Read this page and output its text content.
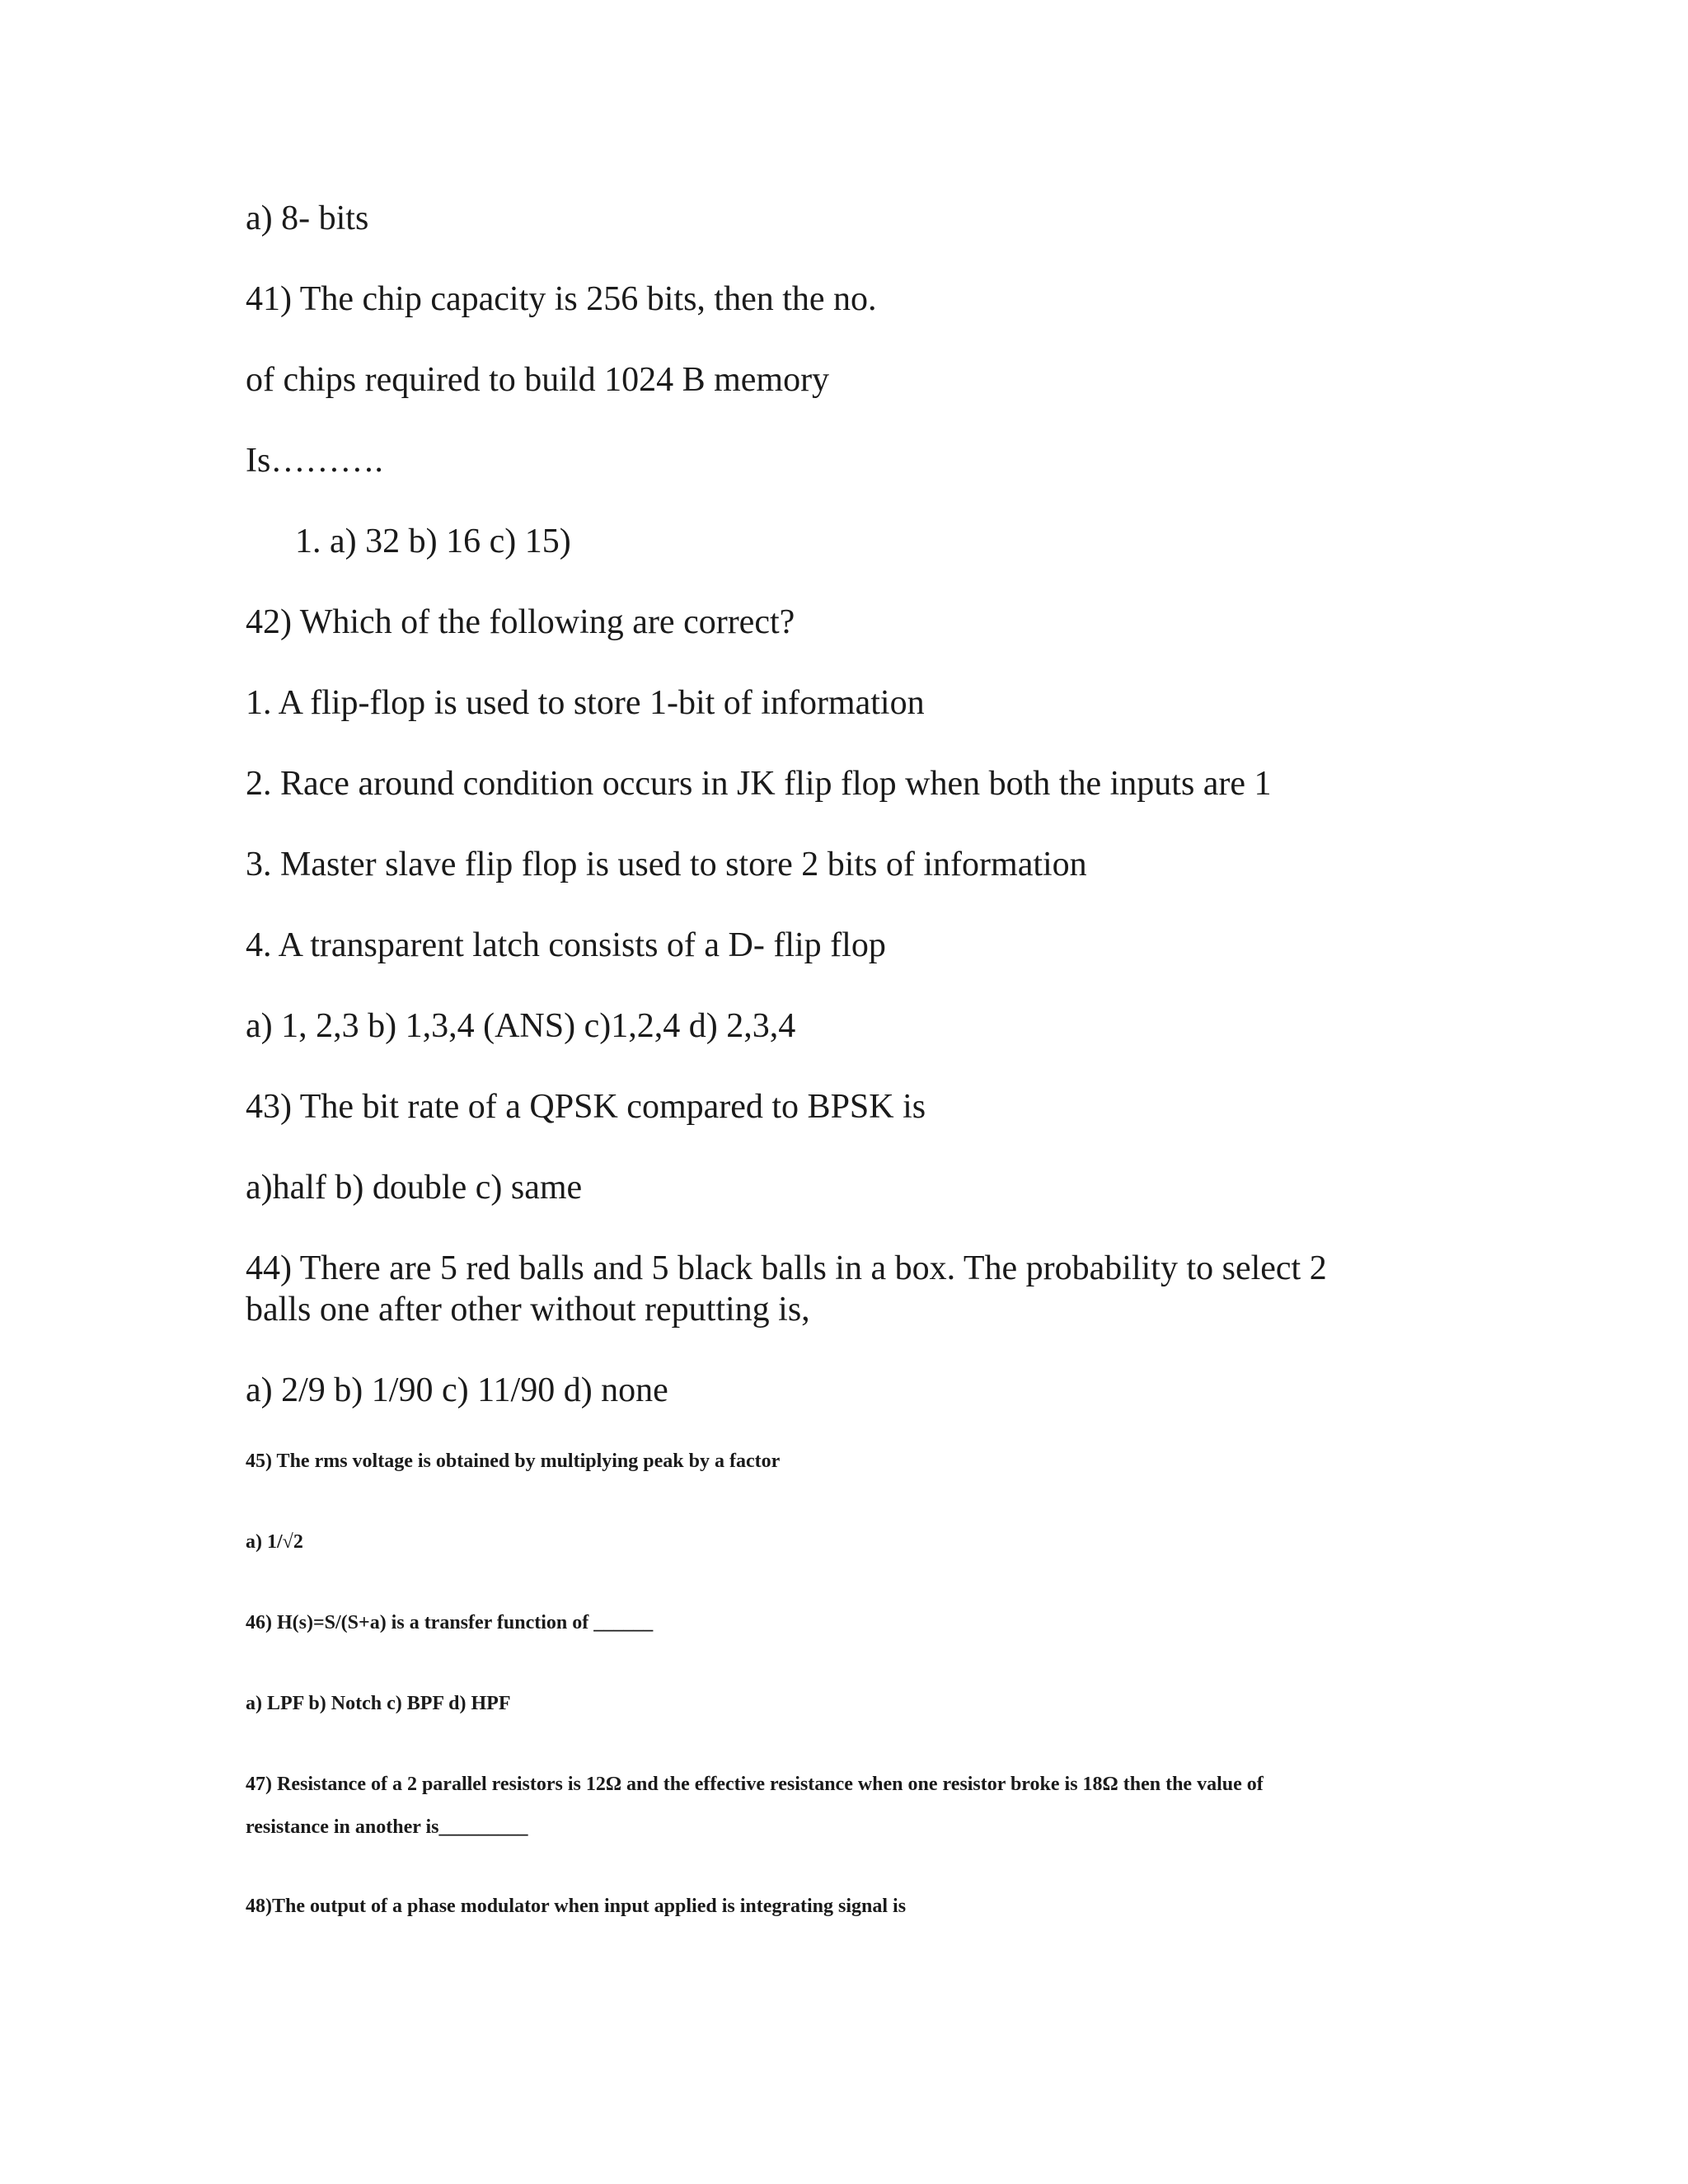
a) 8- bits
41) The chip capacity is 256 bits, then the no.
of chips required to build 1024 B memory
Is……….
1. a) 32 b) 16 c) 15)
42) Which of the following are correct?
1. A flip-flop is used to store 1-bit of information
2. Race around condition occurs in JK flip flop when both the inputs are 1
3. Master slave flip flop is used to store 2 bits of information
4. A transparent latch consists of a D- flip flop
a) 1, 2,3 b) 1,3,4 (ANS) c)1,2,4 d) 2,3,4
43) The bit rate of a QPSK compared to BPSK is
a)half b) double c) same
44) There are 5 red balls and 5 black balls in a box. The probability to select 2
balls one after other without reputting is,
a) 2/9 b) 1/90 c) 11/90 d) none
45) The rms voltage is obtained by multiplying peak by a factor
a) 1/√2
46) H(s)=S/(S+a) is a transfer function of ______
a) LPF b) Notch c) BPF d) HPF
47) Resistance of a 2 parallel resistors is 12Ω and the effective resistance when one resistor broke is 18Ω then the value of
resistance in another is_________
48)The output of a phase modulator when input applied is integrating signal is
